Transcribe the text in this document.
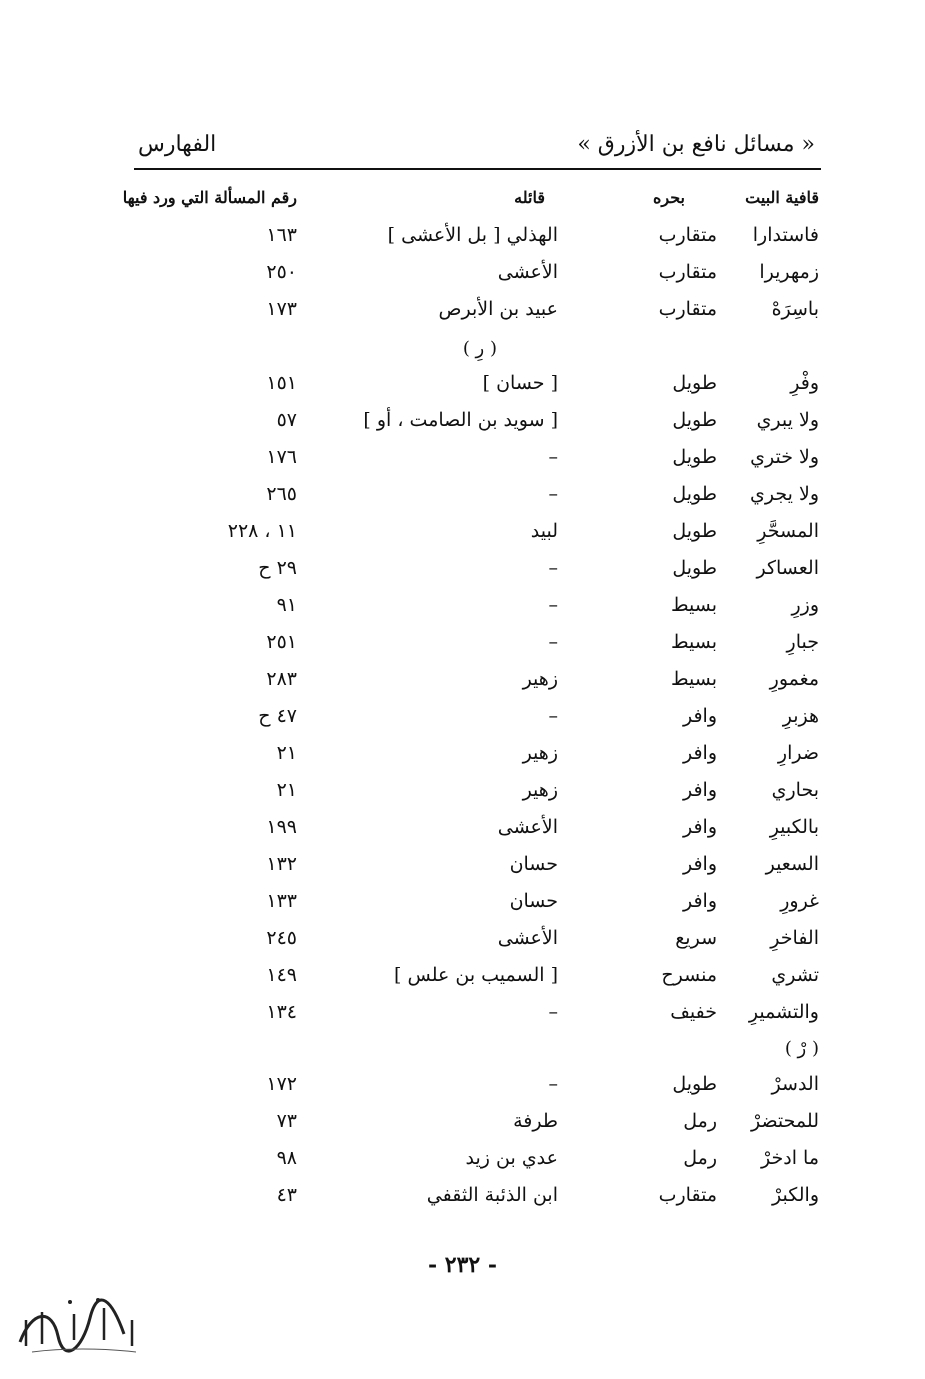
« مسائل نافع بن الأزرق »
الفهارس
قافية البيت
بحره
قائله
رقم المسألة التي ورد فيها
فاستدارا
متقارب
الهذلي [ بل الأعشى ]
١٦٣
زمهريرا
متقارب
الأعشى
٢٥٠
باسِرَهْ
متقارب
عبيد بن الأبرص
١٧٣
( رِ )
وفْرِ
طويل
[ حسان ]
١٥١
ولا يبري
طويل
[ سويد بن الصامت ، أو ]
٥٧
ولا ختري
طويل
–
١٧٦
ولا يجري
طويل
–
٢٦٥
المسحَّرِ
طويل
لبيد
١١ ، ٢٢٨
العساكر
طويل
–
٢٩ ح
وزرِ
بسيط
–
٩١
جبارِ
بسيط
–
٢٥١
مغمورِ
بسيط
زهير
٢٨٣
هزبرِ
وافر
–
٤٧ ح
ضرارِ
وافر
زهير
٢١
بحاري
وافر
زهير
٢١
بالكبيرِ
وافر
الأعشى
١٩٩
السعير
وافر
حسان
١٣٢
غرورِ
وافر
حسان
١٣٣
الفاخرِ
سريع
الأعشى
٢٤٥
تشري
منسرح
[ السميب بن علس ]
١٤٩
والتشميرِ
خفيف
–
١٣٤
( رْ )
الدسرْ
طويل
–
١٧٢
للمحتضرْ
رمل
طرفة
٧٣
ما ادخرْ
رمل
عدي بن زيد
٩٨
والكبرْ
متقارب
ابن الذئبة الثقفي
٤٣
- ٢٣٢ -
